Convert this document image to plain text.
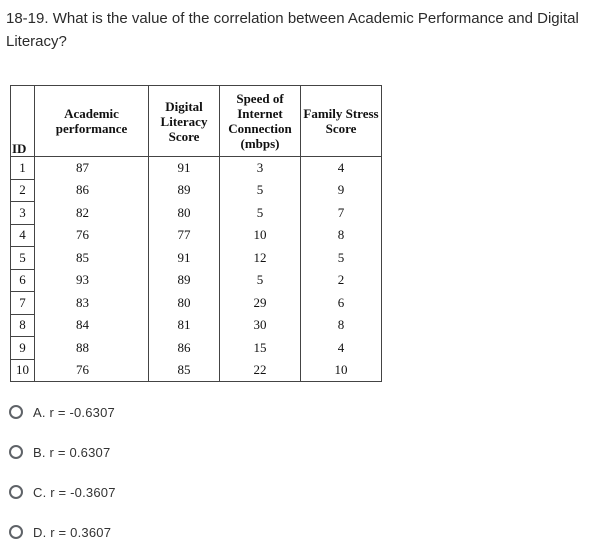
18-19. What is the value of the correlation between Academic Performance and Digital Literacy?
ID	Academic performance	Digital Literacy Score	Speed of Internet Connection (mbps)	Family Stress Score
1	87	91	3	4
2	86	89	5	9
3	82	80	5	7
4	76	77	10	8
5	85	91	12	5
6	93	89	5	2
7	83	80	29	6
8	84	81	30	8
9	88	86	15	4
10	76	85	22	10
A. r = -0.6307
B. r = 0.6307
C. r = -0.3607
D. r = 0.3607
